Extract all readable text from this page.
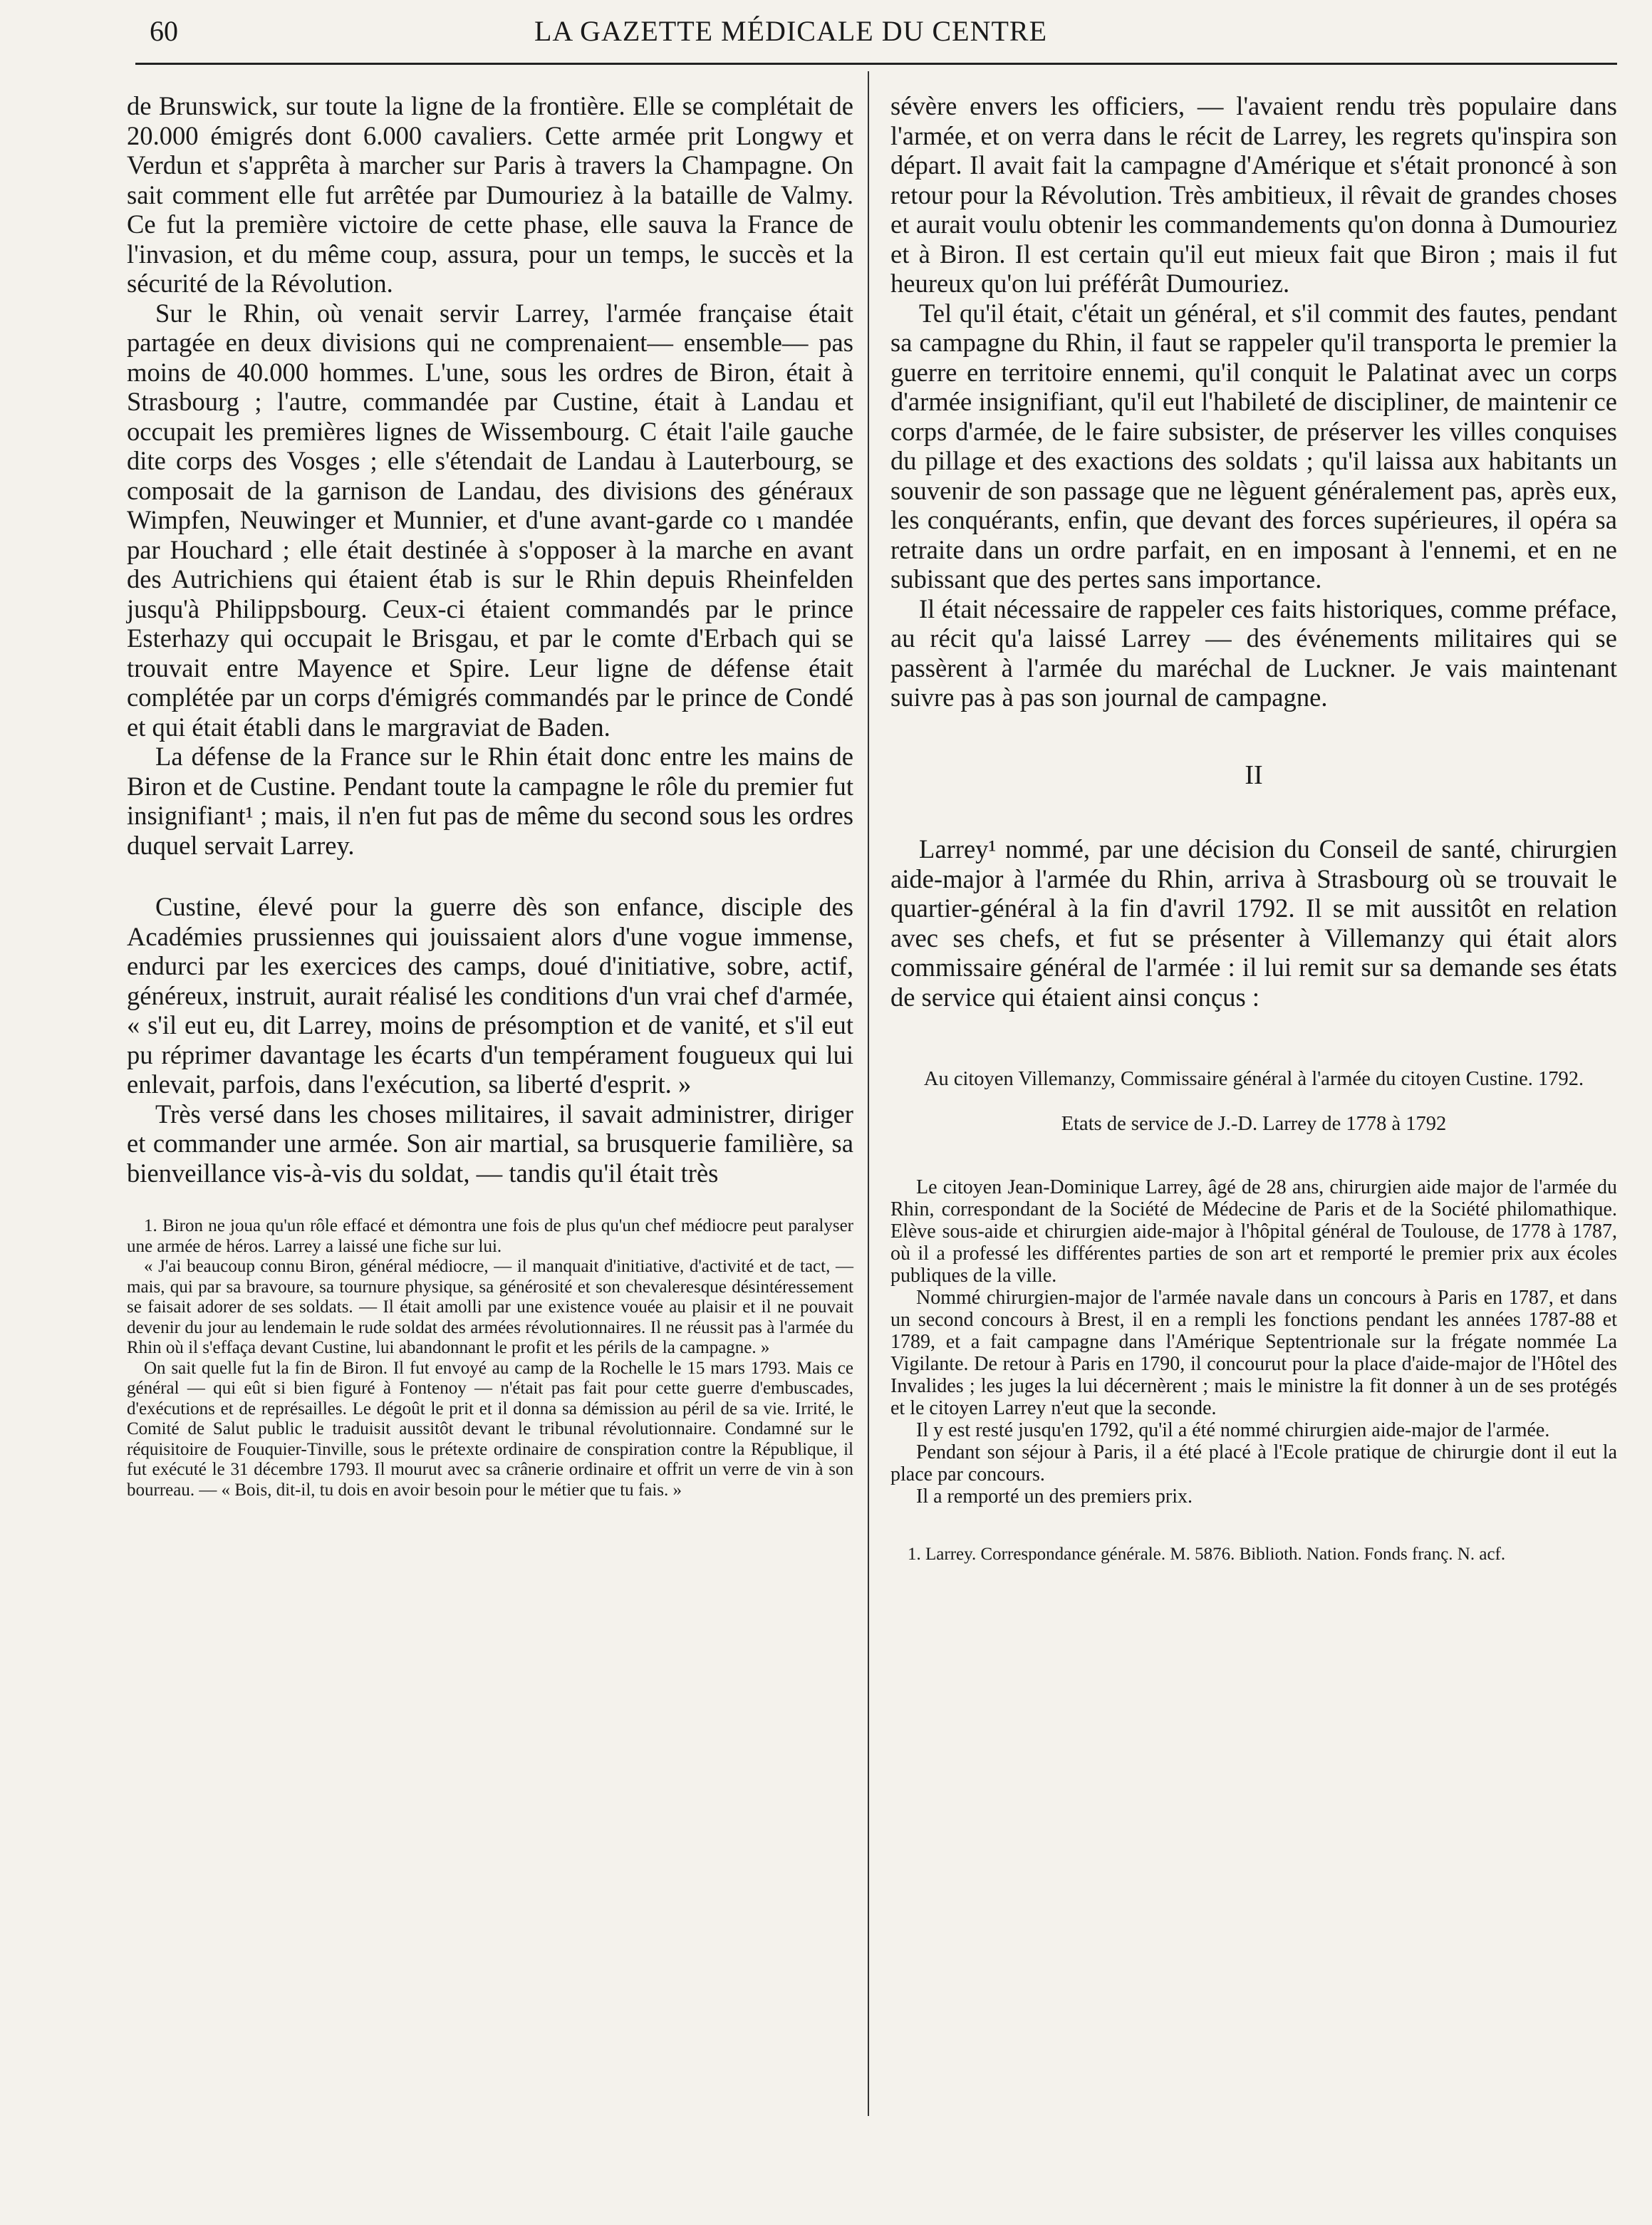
60	LA GAZETTE MÉDICALE DU CENTRE

de Brunswick, sur toute la ligne de la frontière. Elle se complétait de 20.000 émigrés dont 6.000 cavaliers. Cette armée prit Longwy et Verdun et s'apprêta à marcher sur Paris à travers la Champagne. On sait comment elle fut arrêtée par Dumouriez à la bataille de Valmy. Ce fut la première victoire de cette phase, elle sauva la France de l'invasion, et du même coup, assura, pour un temps, le succès et la sécurité de la Révolution.

Sur le Rhin, où venait servir Larrey, l'armée française était partagée en deux divisions qui ne comprenaient— ensemble— pas moins de 40.000 hommes. L'une, sous les ordres de Biron, était à Strasbourg ; l'autre, commandée par Custine, était à Landau et occupait les premières lignes de Wissembourg. C était l'aile gauche dite corps des Vosges ; elle s'étendait de Landau à Lauterbourg, se composait de la garnison de Landau, des divisions des généraux Wimpfen, Neuwinger et Munnier, et d'une avant-garde co ι mandée par Houchard ; elle était destinée à s'opposer à la marche en avant des Autrichiens qui étaient étab is sur le Rhin depuis Rheinfelden jusqu'à Philippsbourg. Ceux-ci étaient commandés par le prince Esterhazy qui occupait le Brisgau, et par le comte d'Erbach qui se trouvait entre Mayence et Spire. Leur ligne de défense était complétée par un corps d'émigrés commandés par le prince de Condé et qui était établi dans le margraviat de Baden.

La défense de la France sur le Rhin était donc entre les mains de Biron et de Custine. Pendant toute la campagne le rôle du premier fut insignifiant¹ ; mais, il n'en fut pas de même du second sous les ordres duquel servait Larrey.

Custine, élevé pour la guerre dès son enfance, disciple des Académies prussiennes qui jouissaient alors d'une vogue immense, endurci par les exercices des camps, doué d'initiative, sobre, actif, généreux, instruit, aurait réalisé les conditions d'un vrai chef d'armée, « s'il eut eu, dit Larrey, moins de présomption et de vanité, et s'il eut pu réprimer davantage les écarts d'un tempérament fougueux qui lui enlevait, parfois, dans l'exécution, sa liberté d'esprit. »

Très versé dans les choses militaires, il savait administrer, diriger et commander une armée. Son air martial, sa brusquerie familière, sa bienveillance vis-à-vis du soldat, — tandis qu'il était très

1. Biron ne joua qu'un rôle effacé et démontra une fois de plus qu'un chef médiocre peut paralyser une armée de héros. Larrey a laissé une fiche sur lui.

« J'ai beaucoup connu Biron, général médiocre, — il manquait d'initiative, d'activité et de tact, — mais, qui par sa bravoure, sa tournure physique, sa générosité et son chevaleresque désintéressement se faisait adorer de ses soldats. — Il était amolli par une existence vouée au plaisir et il ne pouvait devenir du jour au lendemain le rude soldat des armées révolutionnaires. Il ne réussit pas à l'armée du Rhin où il s'effaça devant Custine, lui abandonnant le profit et les périls de la campagne. »

On sait quelle fut la fin de Biron. Il fut envoyé au camp de la Rochelle le 15 mars 1793. Mais ce général — qui eût si bien figuré à Fontenoy — n'était pas fait pour cette guerre d'embuscades, d'exécutions et de représailles. Le dégoût le prit et il donna sa démission au péril de sa vie. Irrité, le Comité de Salut public le traduisit aussitôt devant le tribunal révolutionnaire. Condamné sur le réquisitoire de Fouquier-Tinville, sous le prétexte ordinaire de conspiration contre la République, il fut exécuté le 31 décembre 1793. Il mourut avec sa crânerie ordinaire et offrit un verre de vin à son bourreau. — « Bois, dit-il, tu dois en avoir besoin pour le métier que tu fais. »

sévère envers les officiers, — l'avaient rendu très populaire dans l'armée, et on verra dans le récit de Larrey, les regrets qu'inspira son départ. Il avait fait la campagne d'Amérique et s'était prononcé à son retour pour la Révolution. Très ambitieux, il rêvait de grandes choses et aurait voulu obtenir les commandements qu'on donna à Dumouriez et à Biron. Il est certain qu'il eut mieux fait que Biron ; mais il fut heureux qu'on lui préférât Dumouriez.

Tel qu'il était, c'était un général, et s'il commit des fautes, pendant sa campagne du Rhin, il faut se rappeler qu'il transporta le premier la guerre en territoire ennemi, qu'il conquit le Palatinat avec un corps d'armée insignifiant, qu'il eut l'habileté de discipliner, de maintenir ce corps d'armée, de le faire subsister, de préserver les villes conquises du pillage et des exactions des soldats ; qu'il laissa aux habitants un souvenir de son passage que ne lèguent généralement pas, après eux, les conquérants, enfin, que devant des forces supérieures, il opéra sa retraite dans un ordre parfait, en en imposant à l'ennemi, et en ne subissant que des pertes sans importance.

Il était nécessaire de rappeler ces faits historiques, comme préface, au récit qu'a laissé Larrey — des événements militaires qui se passèrent à l'armée du maréchal de Luckner. Je vais maintenant suivre pas à pas son journal de campagne.

II

Larrey¹ nommé, par une décision du Conseil de santé, chirurgien aide-major à l'armée du Rhin, arriva à Strasbourg où se trouvait le quartier-général à la fin d'avril 1792. Il se mit aussitôt en relation avec ses chefs, et fut se présenter à Villemanzy qui était alors commissaire général de l'armée : il lui remit sur sa demande ses états de service qui étaient ainsi conçus :

Au citoyen Villemanzy, Commissaire général à l'armée du citoyen Custine. 1792.

Etats de service de J.-D. Larrey de 1778 à 1792

Le citoyen Jean-Dominique Larrey, âgé de 28 ans, chirurgien aide major de l'armée du Rhin, correspondant de la Société de Médecine de Paris et de la Société philomathique. Elève sous-aide et chirurgien aide-major à l'hôpital général de Toulouse, de 1778 à 1787, où il a professé les différentes parties de son art et remporté le premier prix aux écoles publiques de la ville.

Nommé chirurgien-major de l'armée navale dans un concours à Paris en 1787, et dans un second concours à Brest, il en a rempli les fonctions pendant les années 1787-88 et 1789, et a fait campagne dans l'Amérique Septentrionale sur la frégate nommée La Vigilante. De retour à Paris en 1790, il concourut pour la place d'aide-major de l'Hôtel des Invalides ; les juges la lui décernèrent ; mais le ministre la fit donner à un de ses protégés et le citoyen Larrey n'eut que la seconde.

Il y est resté jusqu'en 1792, qu'il a été nommé chirurgien aide-major de l'armée.

Pendant son séjour à Paris, il a été placé à l'Ecole pratique de chirurgie dont il eut la place par concours.

Il a remporté un des premiers prix.

1. Larrey. Correspondance générale. M. 5876. Biblioth. Nation. Fonds franç. N. acf.
